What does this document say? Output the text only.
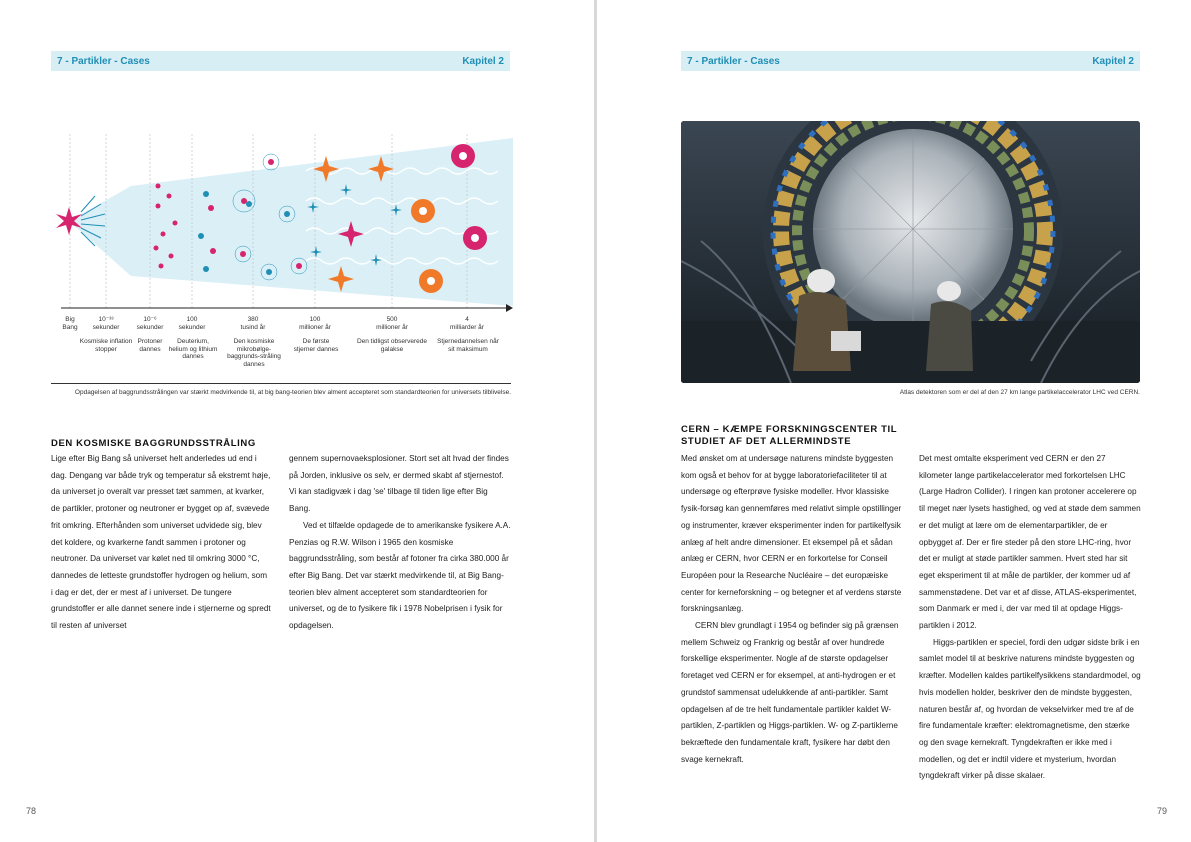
7 - Partikler - Cases	Kapitel 2
Big
Bang
10⁻³³
sekunder
10⁻⁶
sekunder
100
sekunder
380
tusind år
100
millioner år
500
millioner år
4
milliarder år
Kosmiske inflation stopper
Protoner dannes
Deuterium, helium og lithium dannes
Den kosmiske mikrobølge-baggrunds-stråling dannes
De første stjerner dannes
Den tidligst observerede galakse
Stjernedannelsen når sit maksimum
Opdagelsen af baggrundsstrålingen var stærkt medvirkende til, at big bang-teorien blev alment accepteret som standardteorien for universets tilblivelse.
DEN KOSMISKE BAGGRUNDSSTRÅLING

Lige efter Big Bang så universet helt anderledes ud end i dag. Dengang var både tryk og temperatur så ekstremt høje, da universet jo overalt var presset tæt sammen, at kvarker, de partikler, protoner og neutroner er bygget op af, svævede frit omkring. Efterhånden som universet udvidede sig, blev det koldere, og kvarkerne fandt sammen i protoner og neutroner. Da universet var kølet ned til omkring 3000 °C, dannedes de letteste grundstoffer hydrogen og helium, som i dag er det, der er mest af i universet. De tungere grundstoffer er alle dannet senere inde i stjernerne og spredt til resten af universet

gennem supernovaeksplosioner. Stort set alt hvad der findes på Jorden, inklusive os selv, er dermed skabt af stjernestof. Vi kan stadigvæk i dag 'se' tilbage til tiden lige efter Big Bang.

Ved et tilfælde opdagede de to amerikanske fysikere A.A. Penzias og R.W. Wilson i 1965 den kosmiske baggrundsstråling, som består af fotoner fra cirka 380.000 år efter Big Bang. Det var stærkt medvirkende til, at Big Bang-teorien blev alment accepteret som standardteorien for universet, og de to fysikere fik i 1978 Nobelprisen i fysik for opdagelsen.

78
7 - Partikler - Cases	Kapitel 2
Atlas detektoren som er del af den 27 km lange partikelaccelerator LHC ved CERN.
CERN – KÆMPE FORSKNINGSCENTER TIL
STUDIET AF DET ALLERMINDSTE

Med ønsket om at undersøge naturens mindste byggesten kom også et behov for at bygge laboratoriefaciliteter til at undersøge og efterprøve fysiske modeller. Hvor klassiske fysik-forsøg kan gennemføres med relativt simple opstillinger og instrumenter, kræver eksperimenter inden for partikelfysik anlæg af helt andre dimensioner. Et eksempel på et sådan anlæg er CERN, hvor CERN er en forkortelse for Conseil Européen pour la Researche Nucléaire – det europæiske center for kerneforskning – og betegner et af verdens største forskningsanlæg.

CERN blev grundlagt i 1954 og befinder sig på grænsen mellem Schweiz og Frankrig og består af over hundrede forskellige eksperimenter. Nogle af de største opdagelser foretaget ved CERN er for eksempel, at anti-hydrogen er et grundstof sammensat udelukkende af anti-partikler. Samt opdagelsen af de tre helt fundamentale partikler kaldet W-partiklen, Z-partiklen og Higgs-partiklen. W- og Z-partiklerne bekræftede den fundamentale kraft, fysikere har døbt den svage kernekraft.

Det mest omtalte eksperiment ved CERN er den 27 kilometer lange partikelaccelerator med forkortelsen LHC (Large Hadron Collider). I ringen kan protoner accelerere op til meget nær lysets hastighed, og ved at støde dem sammen er det muligt at lære om de elementarpartikler, de er opbygget af. Der er fire steder på den store LHC-ring, hvor det er muligt at støde partikler sammen. Hvert sted har sit eget eksperiment til at måle de partikler, der kommer ud af sammenstødene. Det var et af disse, ATLAS-eksperimentet, som Danmark er med i, der var med til at opdage Higgs-partiklen i 2012.

Higgs-partiklen er speciel, fordi den udgør sidste brik i en samlet model til at beskrive naturens mindste byggesten og kræfter. Modellen kaldes partikelfysikkens standardmodel, og hvis modellen holder, beskriver den de mindste byggesten, naturen består af, og hvordan de vekselvirker med tre af de fire fundamentale kræfter: elektromagnetisme, den stærke og den svage kernekraft. Tyngdekraften er ikke med i modellen, og det er indtil videre et mysterium, hvordan tyngdekraft virker på disse skalaer.

79
